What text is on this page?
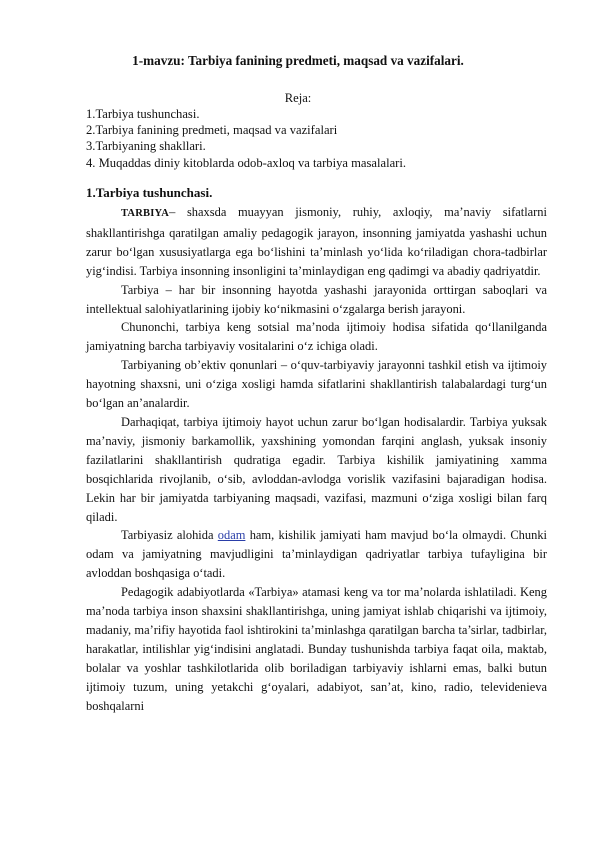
1-mavzu: Tarbiya fanining predmeti, maqsad va vazifalari.
Reja:
1.Tarbiya tushunchasi.
2.Tarbiya fanining predmeti, maqsad va vazifalari
3.Tarbiyaning shakllari.
4. Muqaddas diniy kitoblarda odob-axloq va tarbiya masalalari.
1.Tarbiya tushunchasi.

TARBIYA– shaxsda muayyan jismoniy, ruhiy, axloqiy, ma’naviy sifatlarni shakllantirishga qaratilgan amaliy pedagogik jarayon, insonning jamiyatda yashashi uchun zarur bo‘lgan xususiyatlarga ega bo‘lishini ta’minlash yo‘lida ko‘riladigan chora-tadbirlar yig‘indisi. Tarbiya insonning insonligini ta’minlaydigan eng qadimgi va abadiy qadriyatdir.

Tarbiya – har bir insonning hayotda yashashi jarayonida orttirgan saboqlari va intellektual salohiyatlarining ijobiy ko‘nikmasini o‘zgalarga berish jarayoni.

Chunonchi, tarbiya keng sotsial ma’noda ijtimoiy hodisa sifatida qo‘llanilganda jamiyatning barcha tarbiyaviy vositalarini o‘z ichiga oladi.

Tarbiyaning ob’ektiv qonunlari – o‘quv-tarbiyaviy jarayonni tashkil etish va ijtimoiy hayotning shaxsni, uni o‘ziga xosligi hamda sifatlarini shakllantirish talabalardagi turg‘un bo‘lgan an’analardir.

Darhaqiqat, tarbiya ijtimoiy hayot uchun zarur bo‘lgan hodisalardir. Tarbiya yuksak ma’naviy, jismoniy barkamollik, yaxshining yomondan farqini anglash, yuksak insoniy fazilatlarini shakllantirish qudratiga egadir. Tarbiya kishilik jamiyatining xamma bosqichlarida rivojlanib, o‘sib, avloddan-avlodga vorislik vazifasini bajaradigan hodisa. Lekin har bir jamiyatda tarbiyaning maqsadi, vazifasi, mazmuni o‘ziga xosligi bilan farq qiladi.

Tarbiyasiz alohida odam ham, kishilik jamiyati ham mavjud bo‘la olmaydi. Chunki odam va jamiyatning mavjudligini ta’minlaydigan qadriyatlar tarbiya tufayligina bir avloddan boshqasiga o‘tadi.

Pedagogik adabiyotlarda «Tarbiya» atamasi keng va tor ma’nolarda ishlatiladi. Keng ma’noda tarbiya inson shaxsini shakllantirishga, uning jamiyat ishlab chiqarishi va ijtimoiy, madaniy, ma’rifiy hayotida faol ishtirokini ta’minlashga qaratilgan barcha ta’sirlar, tadbirlar, harakatlar, intilishlar yig‘indisini anglatadi. Bunday tushunishda tarbiya faqat oila, maktab, bolalar va yoshlar tashkilotlarida olib boriladigan tarbiyaviy ishlarni emas, balki butun ijtimoiy tuzum, uning yetakchi g‘oyalari, adabiyot, san’at, kino, radio, televidenieva boshqalarni
